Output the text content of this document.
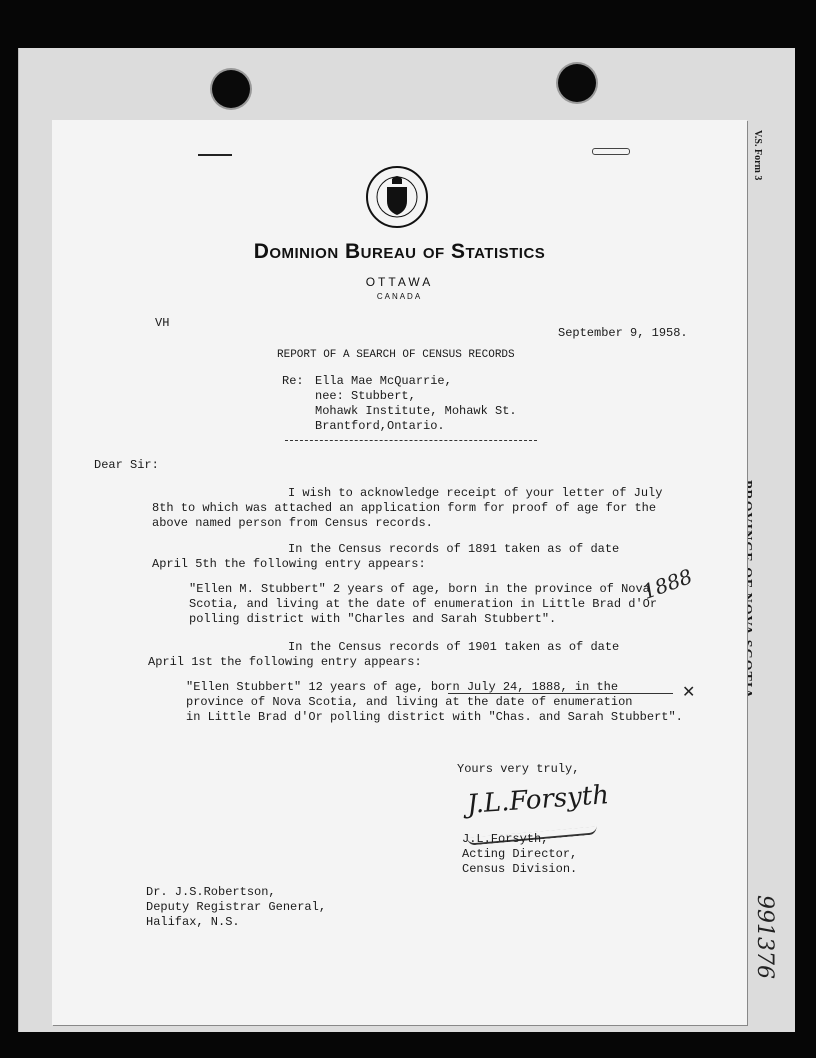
V.S. Form 3
991376
Dominion Bureau of Statistics
OTTAWA
CANADA
VH
September 9, 1958.
REPORT OF A SEARCH OF CENSUS RECORDS
Re: Ella Mae McQuarrie,
nee: Stubbert,
Mohawk Institute, Mohawk St.
Brantford,Ontario.
Dear Sir:
I wish to acknowledge receipt of your letter of July
8th to which was attached an application form for proof of age for the
above named person from Census records.
In the Census records of 1891 taken as of date
April 5th the following entry appears:
"Ellen M. Stubbert" 2 years of age, born in the province of Nova
Scotia, and living at the date of enumeration in Little Brad d'Or
polling district with "Charles and Sarah Stubbert".
1888
In the Census records of 1901 taken as of date
April 1st the following entry appears:
"Ellen Stubbert" 12 years of age, born July 24, 1888, in the	✕
province of Nova Scotia, and living at the date of enumeration
in Little Brad d'Or polling district with "Chas. and Sarah Stubbert".
Yours very truly,
J.L.Forsyth
J.L.Forsyth,
Acting Director,
Census Division.
Dr. J.S.Robertson,
Deputy Registrar General,
Halifax, N.S.
